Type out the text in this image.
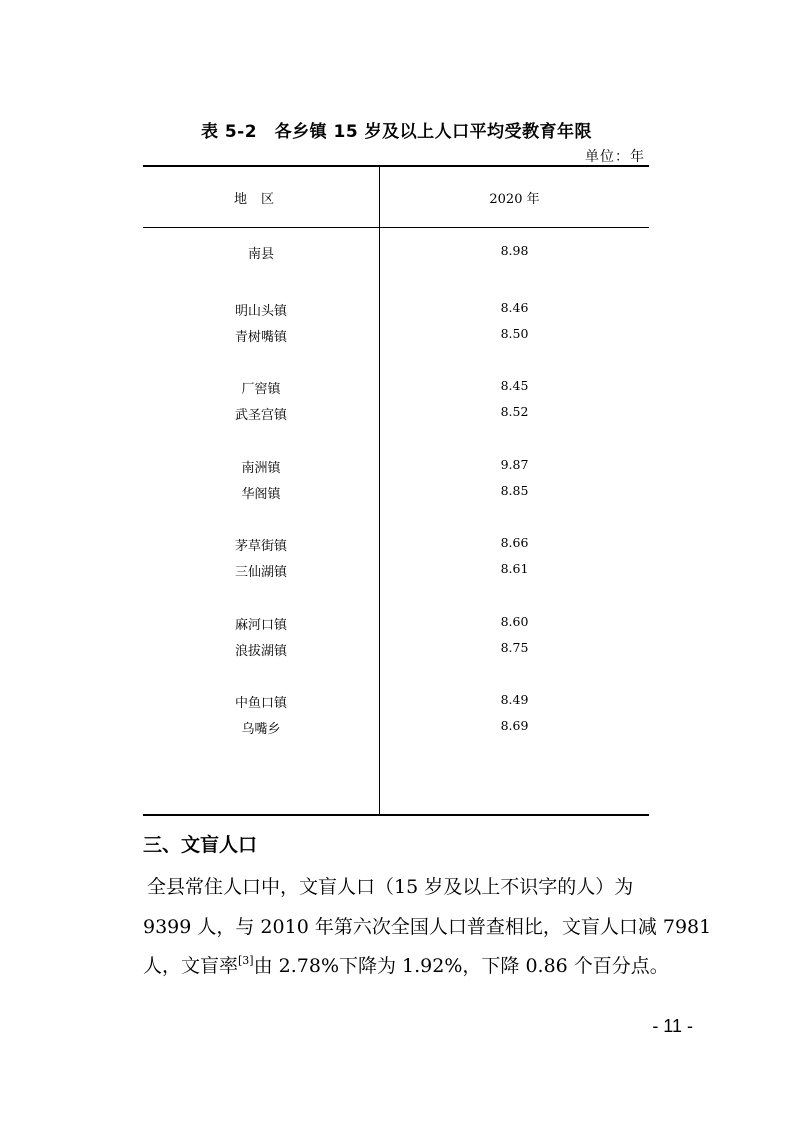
表 5-2　各乡镇 15 岁及以上人口平均受教育年限
单位：年
地区	2020 年
南县	8.98
明山头镇	8.46
青树嘴镇	8.50
厂窖镇	8.45
武圣宫镇	8.52
南洲镇	9.87
华阁镇	8.85
茅草街镇	8.66
三仙湖镇	8.61
麻河口镇	8.60
浪拔湖镇	8.75
中鱼口镇	8.49
乌嘴乡	8.69
三、文盲人口
全县常住人口中，文盲人口（15 岁及以上不识字的人）为
9399 人，与 2010 年第六次全国人口普查相比，文盲人口减 7981
人，文盲率[3]由 2.78%下降为 1.92%，下降 0.86 个百分点。
- 11 -
